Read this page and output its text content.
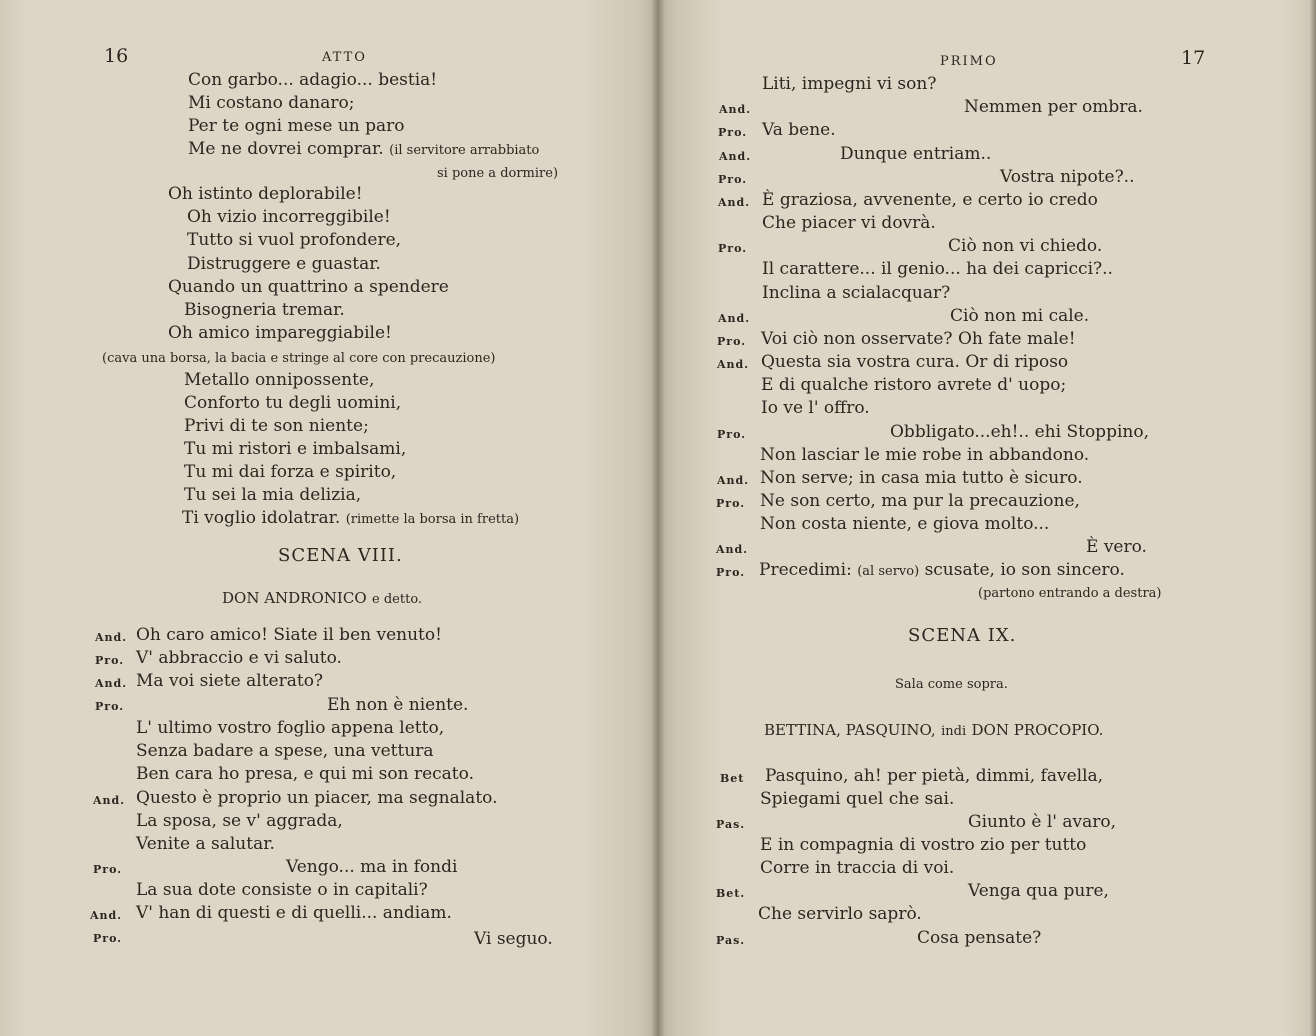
16	ATTO
Con garbo... adagio... bestia!
Mi costano danaro;
Per te ogni mese un paro
Me ne dovrei comprar. (il servitore arrabbiato
si pone a dormire)
Oh istinto deplorabile!
Oh vizio incorreggibile!
Tutto si vuol profondere,
Distruggere e guastar.
Quando un quattrino a spendere
Bisogneria tremar.
Oh amico impareggiabile!
(cava una borsa, la bacia e stringe al core con precauzione)
Metallo onnipossente,
Conforto tu degli uomini,
Privi di te son niente;
Tu mi ristori e imbalsami,
Tu mi dai forza e spirito,
Tu sei la mia delizia,
Ti voglio idolatrar. (rimette la borsa in fretta)
SCENA VIII.
DON ANDRONICO e detto.
And. Oh caro amico! Siate il ben venuto!
Pro. V' abbraccio e vi saluto.
And. Ma voi siete alterato?
Pro.	Eh non è niente.
L' ultimo vostro foglio appena letto,
Senza badare a spese, una vettura
Ben cara ho presa, e qui mi son recato.
And. Questo è proprio un piacer, ma segnalato.
La sposa, se v' aggrada,
Venite a salutar.
Pro.	Vengo... ma in fondi
La sua dote consiste o in capitali?
And. V' han di questi e di quelli... andiam.
Pro.	Vi seguo.
PRIMO	17
Liti, impegni vi son?
And.	Nemmen per ombra.
Pro. Va bene.
And.	Dunque entriam..
Pro.	Vostra nipote?..
And. È graziosa, avvenente, e certo io credo
Che piacer vi dovrà.
Pro.	Ciò non vi chiedo.
Il carattere... il genio... ha dei capricci?..
Inclina a scialacquar?
And.	Ciò non mi cale.
Pro. Voi ciò non osservate? Oh fate male!
And. Questa sia vostra cura. Or di riposo
E di qualche ristoro avrete d' uopo;
Io ve l' offro.
Pro.	Obbligato...eh!.. ehi Stoppino,
Non lasciar le mie robe in abbandono.
And. Non serve; in casa mia tutto è sicuro.
Pro. Ne son certo, ma pur la precauzione,
Non costa niente, e giova molto...
And.	È vero.
Pro. Precedimi: (al servo) scusate, io son sincero.
(partono entrando a destra)
SCENA IX.
Sala come sopra.
BETTINA, PASQUINO, indi DON PROCOPIO.
Bet Pasquino, ah! per pietà, dimmi, favella,
Spiegami quel che sai.
Pas.	Giunto è l' avaro,
E in compagnia di vostro zio per tutto
Corre in traccia di voi.
Bet.	Venga qua pure,
Che servirlo saprò.
Pas.	Cosa pensate?
